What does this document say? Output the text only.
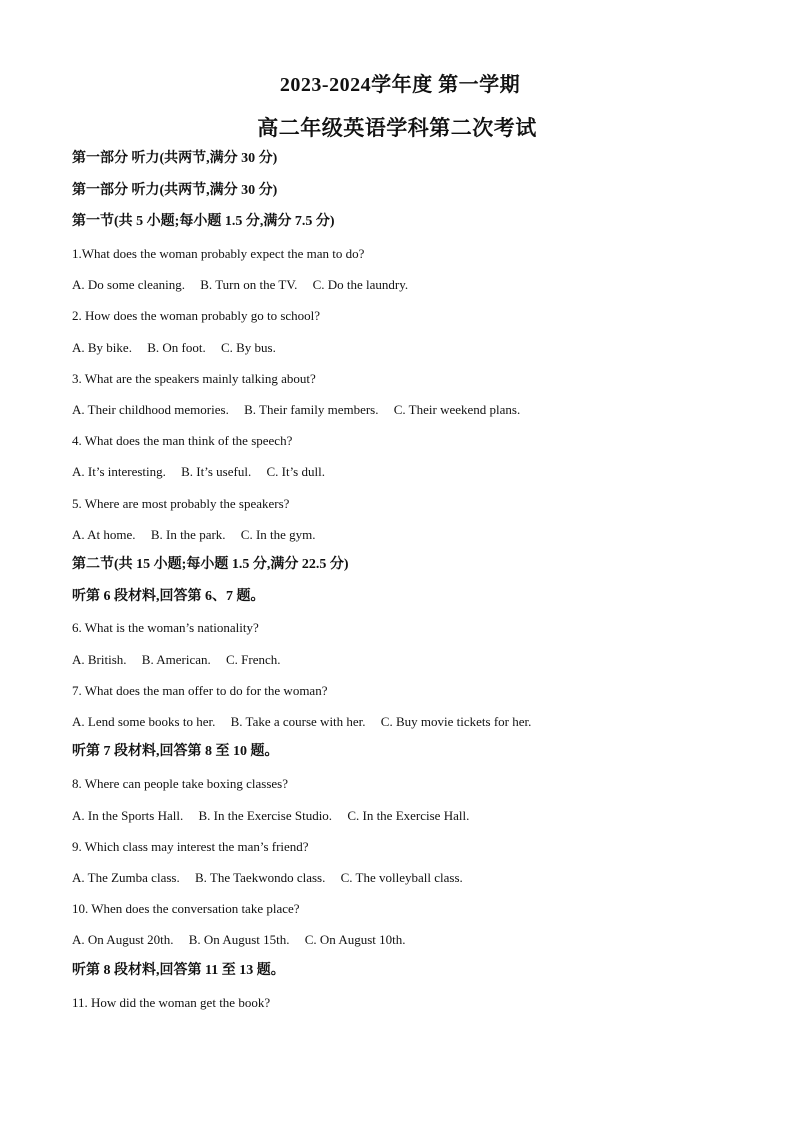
2023-2024学年度 第一学期
高二年级英语学科第二次考试
第一部分 听力(共两节,满分 30 分)
第一部分 听力(共两节,满分 30 分)
第一节(共 5 小题;每小题 1.5 分,满分 7.5 分)
1.What does the woman probably expect the man to do?
A. Do some cleaning. B. Turn on the TV. C. Do the laundry.
2. How does the woman probably go to school?
A. By bike. B. On foot. C. By bus.
3. What are the speakers mainly talking about?
A. Their childhood memories. B. Their family members. C. Their weekend plans.
4. What does the man think of the speech?
A. It’s interesting. B. It’s useful. C. It’s dull.
5. Where are most probably the speakers?
A. At home. B. In the park. C. In the gym.
第二节(共 15 小题;每小题 1.5 分,满分 22.5 分)
听第 6 段材料,回答第 6、7 题。
6. What is the woman’s nationality?
A. British. B. American. C. French.
7. What does the man offer to do for the woman?
A. Lend some books to her. B. Take a course with her. C. Buy movie tickets for her.
听第 7 段材料,回答第 8 至 10 题。
8. Where can people take boxing classes?
A. In the Sports Hall. B. In the Exercise Studio. C. In the Exercise Hall.
9. Which class may interest the man’s friend?
A. The Zumba class. B. The Taekwondo class. C. The volleyball class.
10. When does the conversation take place?
A. On August 20th. B. On August 15th. C. On August 10th.
听第 8 段材料,回答第 11 至 13 题。
11. How did the woman get the book?
